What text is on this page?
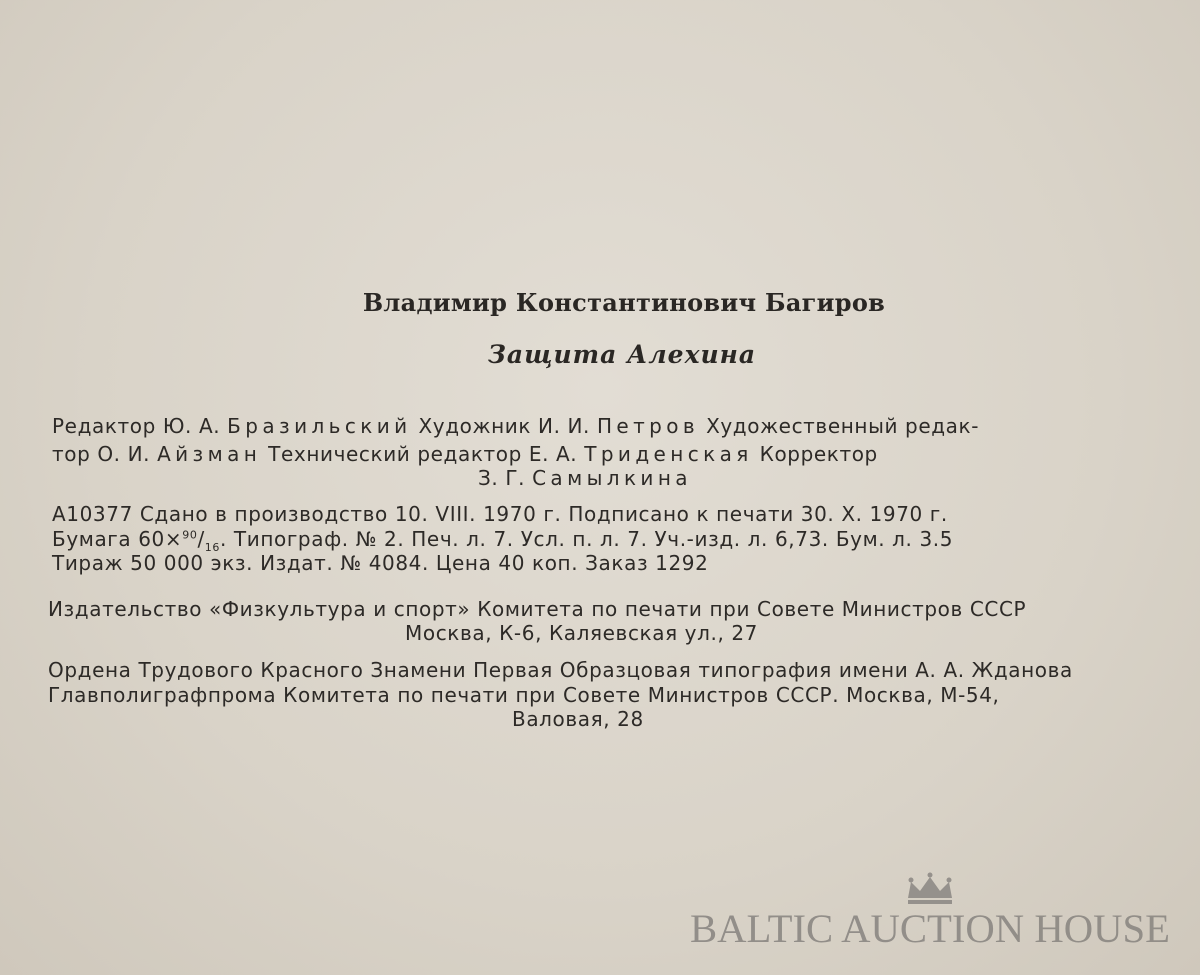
Владимир Константинович Багиров
Защита Алехина
Редактор Ю. А. Бразильский Художник И. И. Петров Художественный редак-
тор О. И. Айзман Технический редактор Е. А. Триденская Корректор
З. Г. Самылкина
А10377 Сдано в производство 10. VIII. 1970 г. Подписано к печати 30. X. 1970 г.
Бумага $60\times^{90}/_{16}$. Типограф. № 2. Печ. л. 7. Усл. п. л. 7. Уч.-изд. л. 6,73. Бум. л. 3.5
Тираж 50 000 экз. Издат. № 4084. Цена 40 коп. Заказ 1292
Издательство «Физкультура и спорт» Комитета по печати при Совете Министров СССР
Москва, К-6, Каляевская ул., 27
Ордена Трудового Красного Знамени Первая Образцовая типография имени А. А. Жданова
Главполиграфпрома Комитета по печати при Совете Министров СССР. Москва, М-54,
Валовая, 28
BALTIC AUCTION HOUSE
